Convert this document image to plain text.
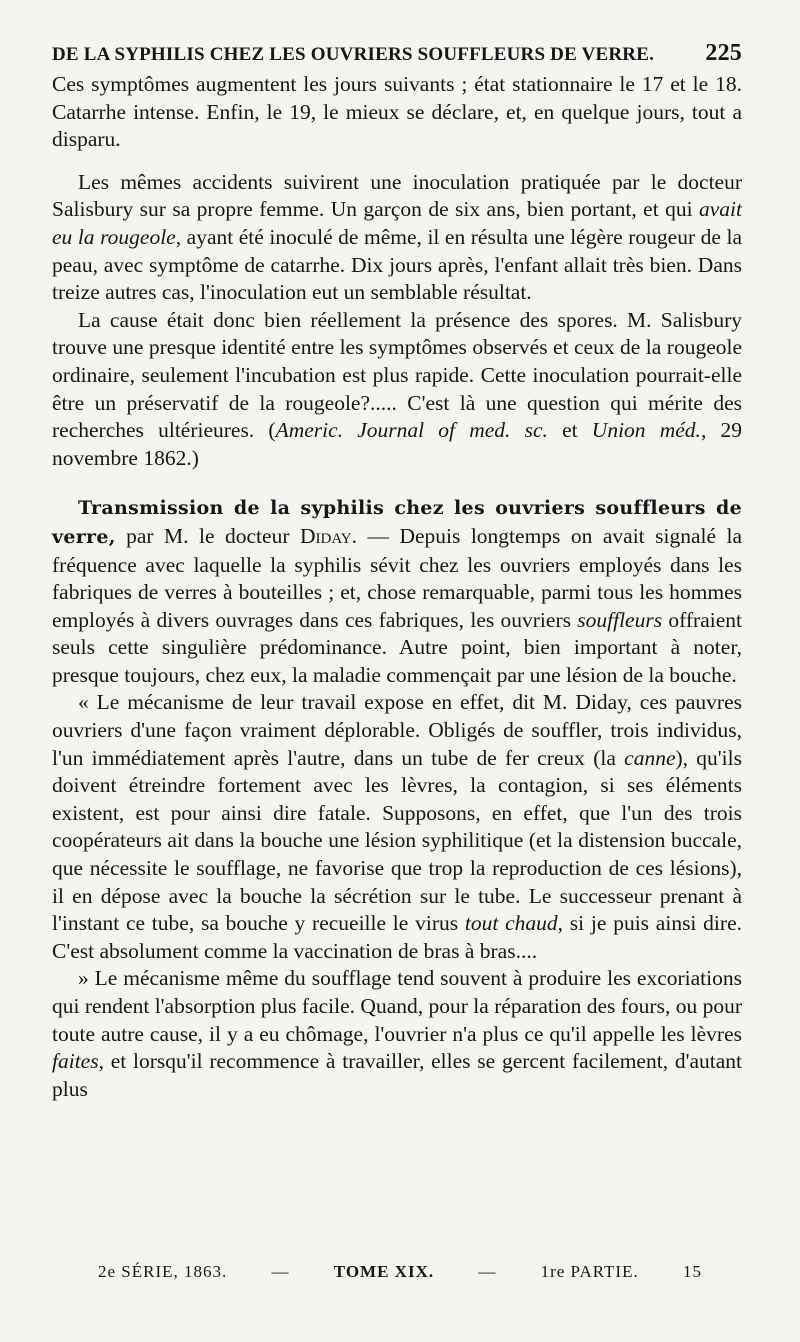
DE LA SYPHILIS CHEZ LES OUVRIERS SOUFFLEURS DE VERRE. 225

Ces symptômes augmentent les jours suivants ; état stationnaire le 17 et le 18. Catarrhe intense. Enfin, le 19, le mieux se déclare, et, en quelque jours, tout a disparu.

Les mêmes accidents suivirent une inoculation pratiquée par le docteur Salisbury sur sa propre femme. Un garçon de six ans, bien portant, et qui avait eu la rougeole, ayant été inoculé de même, il en résulta une légère rougeur de la peau, avec symptôme de catarrhe. Dix jours après, l'enfant allait très bien. Dans treize autres cas, l'inoculation eut un semblable résultat.

La cause était donc bien réellement la présence des spores. M. Salisbury trouve une presque identité entre les symptômes observés et ceux de la rougeole ordinaire, seulement l'incubation est plus rapide. Cette inoculation pourrait-elle être un préservatif de la rougeole?..... C'est là une question qui mérite des recherches ultérieures. (Americ. Journal of med. sc. et Union méd., 29 novembre 1862.)

Transmission de la syphilis chez les ouvriers souffleurs de verre, par M. le docteur Diday. — Depuis longtemps on avait signalé la fréquence avec laquelle la syphilis sévit chez les ouvriers employés dans les fabriques de verres à bouteilles ; et, chose remarquable, parmi tous les hommes employés à divers ouvrages dans ces fabriques, les ouvriers souffleurs offraient seuls cette singulière prédominance. Autre point, bien important à noter, presque toujours, chez eux, la maladie commençait par une lésion de la bouche.

« Le mécanisme de leur travail expose en effet, dit M. Diday, ces pauvres ouvriers d'une façon vraiment déplorable. Obligés de souffler, trois individus, l'un immédiatement après l'autre, dans un tube de fer creux (la canne), qu'ils doivent étreindre fortement avec les lèvres, la contagion, si ses éléments existent, est pour ainsi dire fatale. Supposons, en effet, que l'un des trois coopérateurs ait dans la bouche une lésion syphilitique (et la distension buccale, que nécessite le soufflage, ne favorise que trop la reproduction de ces lésions), il en dépose avec la bouche la sécrétion sur le tube. Le successeur prenant à l'instant ce tube, sa bouche y recueille le virus tout chaud, si je puis ainsi dire. C'est absolument comme la vaccination de bras à bras....

» Le mécanisme même du soufflage tend souvent à produire les excoriations qui rendent l'absorption plus facile. Quand, pour la réparation des fours, ou pour toute autre cause, il y a eu chômage, l'ouvrier n'a plus ce qu'il appelle les lèvres faites, et lorsqu'il recommence à travailler, elles se gercent facilement, d'autant plus

2e SÉRIE, 1863.	—	TOME XIX.	—	1re PARTIE.	15
